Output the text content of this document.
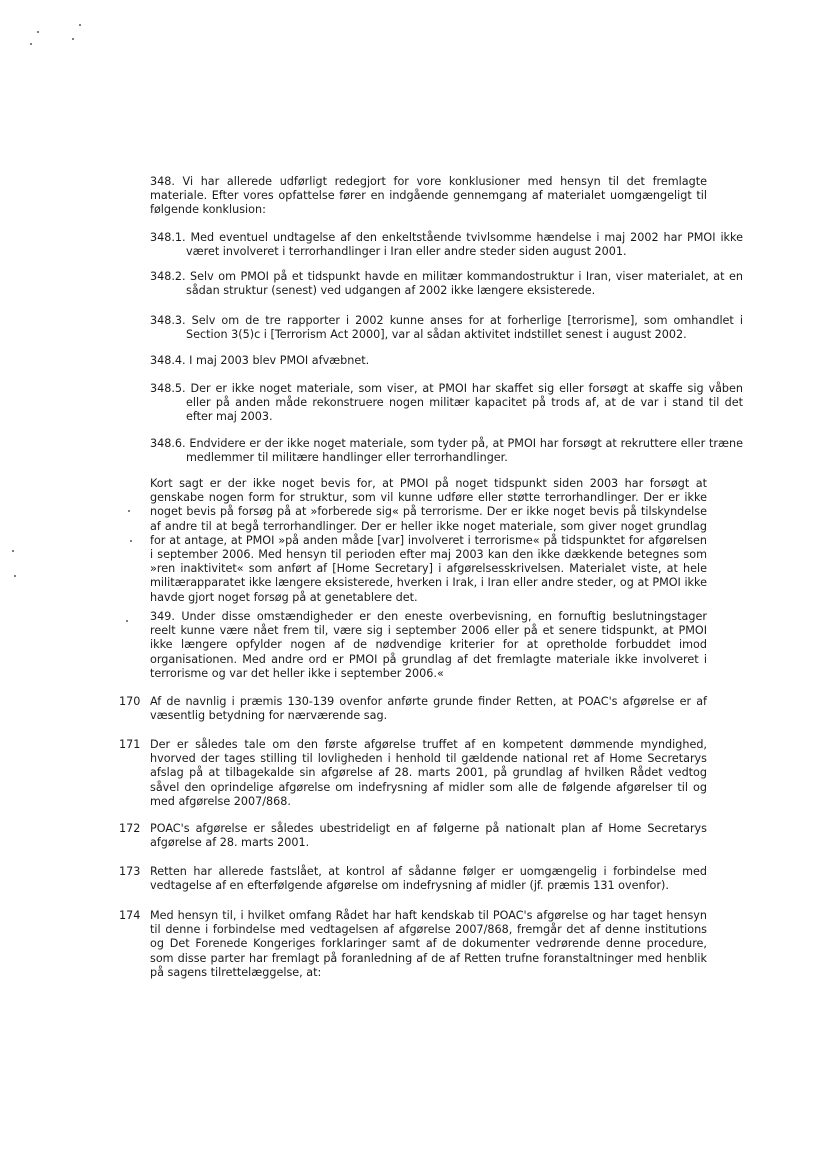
348. Vi har allerede udførligt redegjort for vore konklusioner med hensyn til det fremlagte materiale. Efter vores opfattelse fører en indgående gennemgang af materialet uomgængeligt til følgende konklusion:
348.1. Med eventuel undtagelse af den enkeltstående tvivlsomme hændelse i maj 2002 har PMOI ikke været involveret i terrorhandlinger i Iran eller andre steder siden august 2001.
348.2. Selv om PMOI på et tidspunkt havde en militær kommandostruktur i Iran, viser materialet, at en sådan struktur (senest) ved udgangen af 2002 ikke længere eksisterede.
348.3. Selv om de tre rapporter i 2002 kunne anses for at forherlige [terrorisme], som omhandlet i Section 3(5)c i [Terrorism Act 2000], var al sådan aktivitet indstillet senest i august 2002.
348.4. I maj 2003 blev PMOI afvæbnet.
348.5. Der er ikke noget materiale, som viser, at PMOI har skaffet sig eller forsøgt at skaffe sig våben eller på anden måde rekonstruere nogen militær kapacitet på trods af, at de var i stand til det efter maj 2003.
348.6. Endvidere er der ikke noget materiale, som tyder på, at PMOI har forsøgt at rekruttere eller træne medlemmer til militære handlinger eller terrorhandlinger.
Kort sagt er der ikke noget bevis for, at PMOI på noget tidspunkt siden 2003 har forsøgt at genskabe nogen form for struktur, som vil kunne udføre eller støtte terrorhandlinger. Der er ikke noget bevis på forsøg på at »forberede sig« på terrorisme. Der er ikke noget bevis på tilskyndelse af andre til at begå terrorhandlinger. Der er heller ikke noget materiale, som giver noget grundlag for at antage, at PMOI »på anden måde [var] involveret i terrorisme« på tidspunktet for afgørelsen i september 2006. Med hensyn til perioden efter maj 2003 kan den ikke dækkende betegnes som »ren inaktivitet« som anført af [Home Secretary] i afgørelsesskrivelsen. Materialet viste, at hele militærapparatet ikke længere eksisterede, hverken i Irak, i Iran eller andre steder, og at PMOI ikke havde gjort noget forsøg på at genetablere det.
349. Under disse omstændigheder er den eneste overbevisning, en fornuftig beslutningstager reelt kunne være nået frem til, være sig i september 2006 eller på et senere tidspunkt, at PMOI ikke længere opfylder nogen af de nødvendige kriterier for at opretholde forbuddet imod organisationen. Med andre ord er PMOI på grundlag af det fremlagte materiale ikke involveret i terrorisme og var det heller ikke i september 2006.«
170 Af de navnlig i præmis 130-139 ovenfor anførte grunde finder Retten, at POAC's afgørelse er af væsentlig betydning for nærværende sag.
171 Der er således tale om den første afgørelse truffet af en kompetent dømmende myndighed, hvorved der tages stilling til lovligheden i henhold til gældende national ret af Home Secretarys afslag på at tilbagekalde sin afgørelse af 28. marts 2001, på grundlag af hvilken Rådet vedtog såvel den oprindelige afgørelse om indefrysning af midler som alle de følgende afgørelser til og med afgørelse 2007/868.
172 POAC's afgørelse er således ubestrideligt en af følgerne på nationalt plan af Home Secretarys afgørelse af 28. marts 2001.
173 Retten har allerede fastslået, at kontrol af sådanne følger er uomgængelig i forbindelse med vedtagelse af en efterfølgende afgørelse om indefrysning af midler (jf. præmis 131 ovenfor).
174 Med hensyn til, i hvilket omfang Rådet har haft kendskab til POAC's afgørelse og har taget hensyn til denne i forbindelse med vedtagelsen af afgørelse 2007/868, fremgår det af denne institutions og Det Forenede Kongeriges forklaringer samt af de dokumenter vedrørende denne procedure, som disse parter har fremlagt på foranledning af de af Retten trufne foranstaltninger med henblik på sagens tilrettelæggelse, at:
